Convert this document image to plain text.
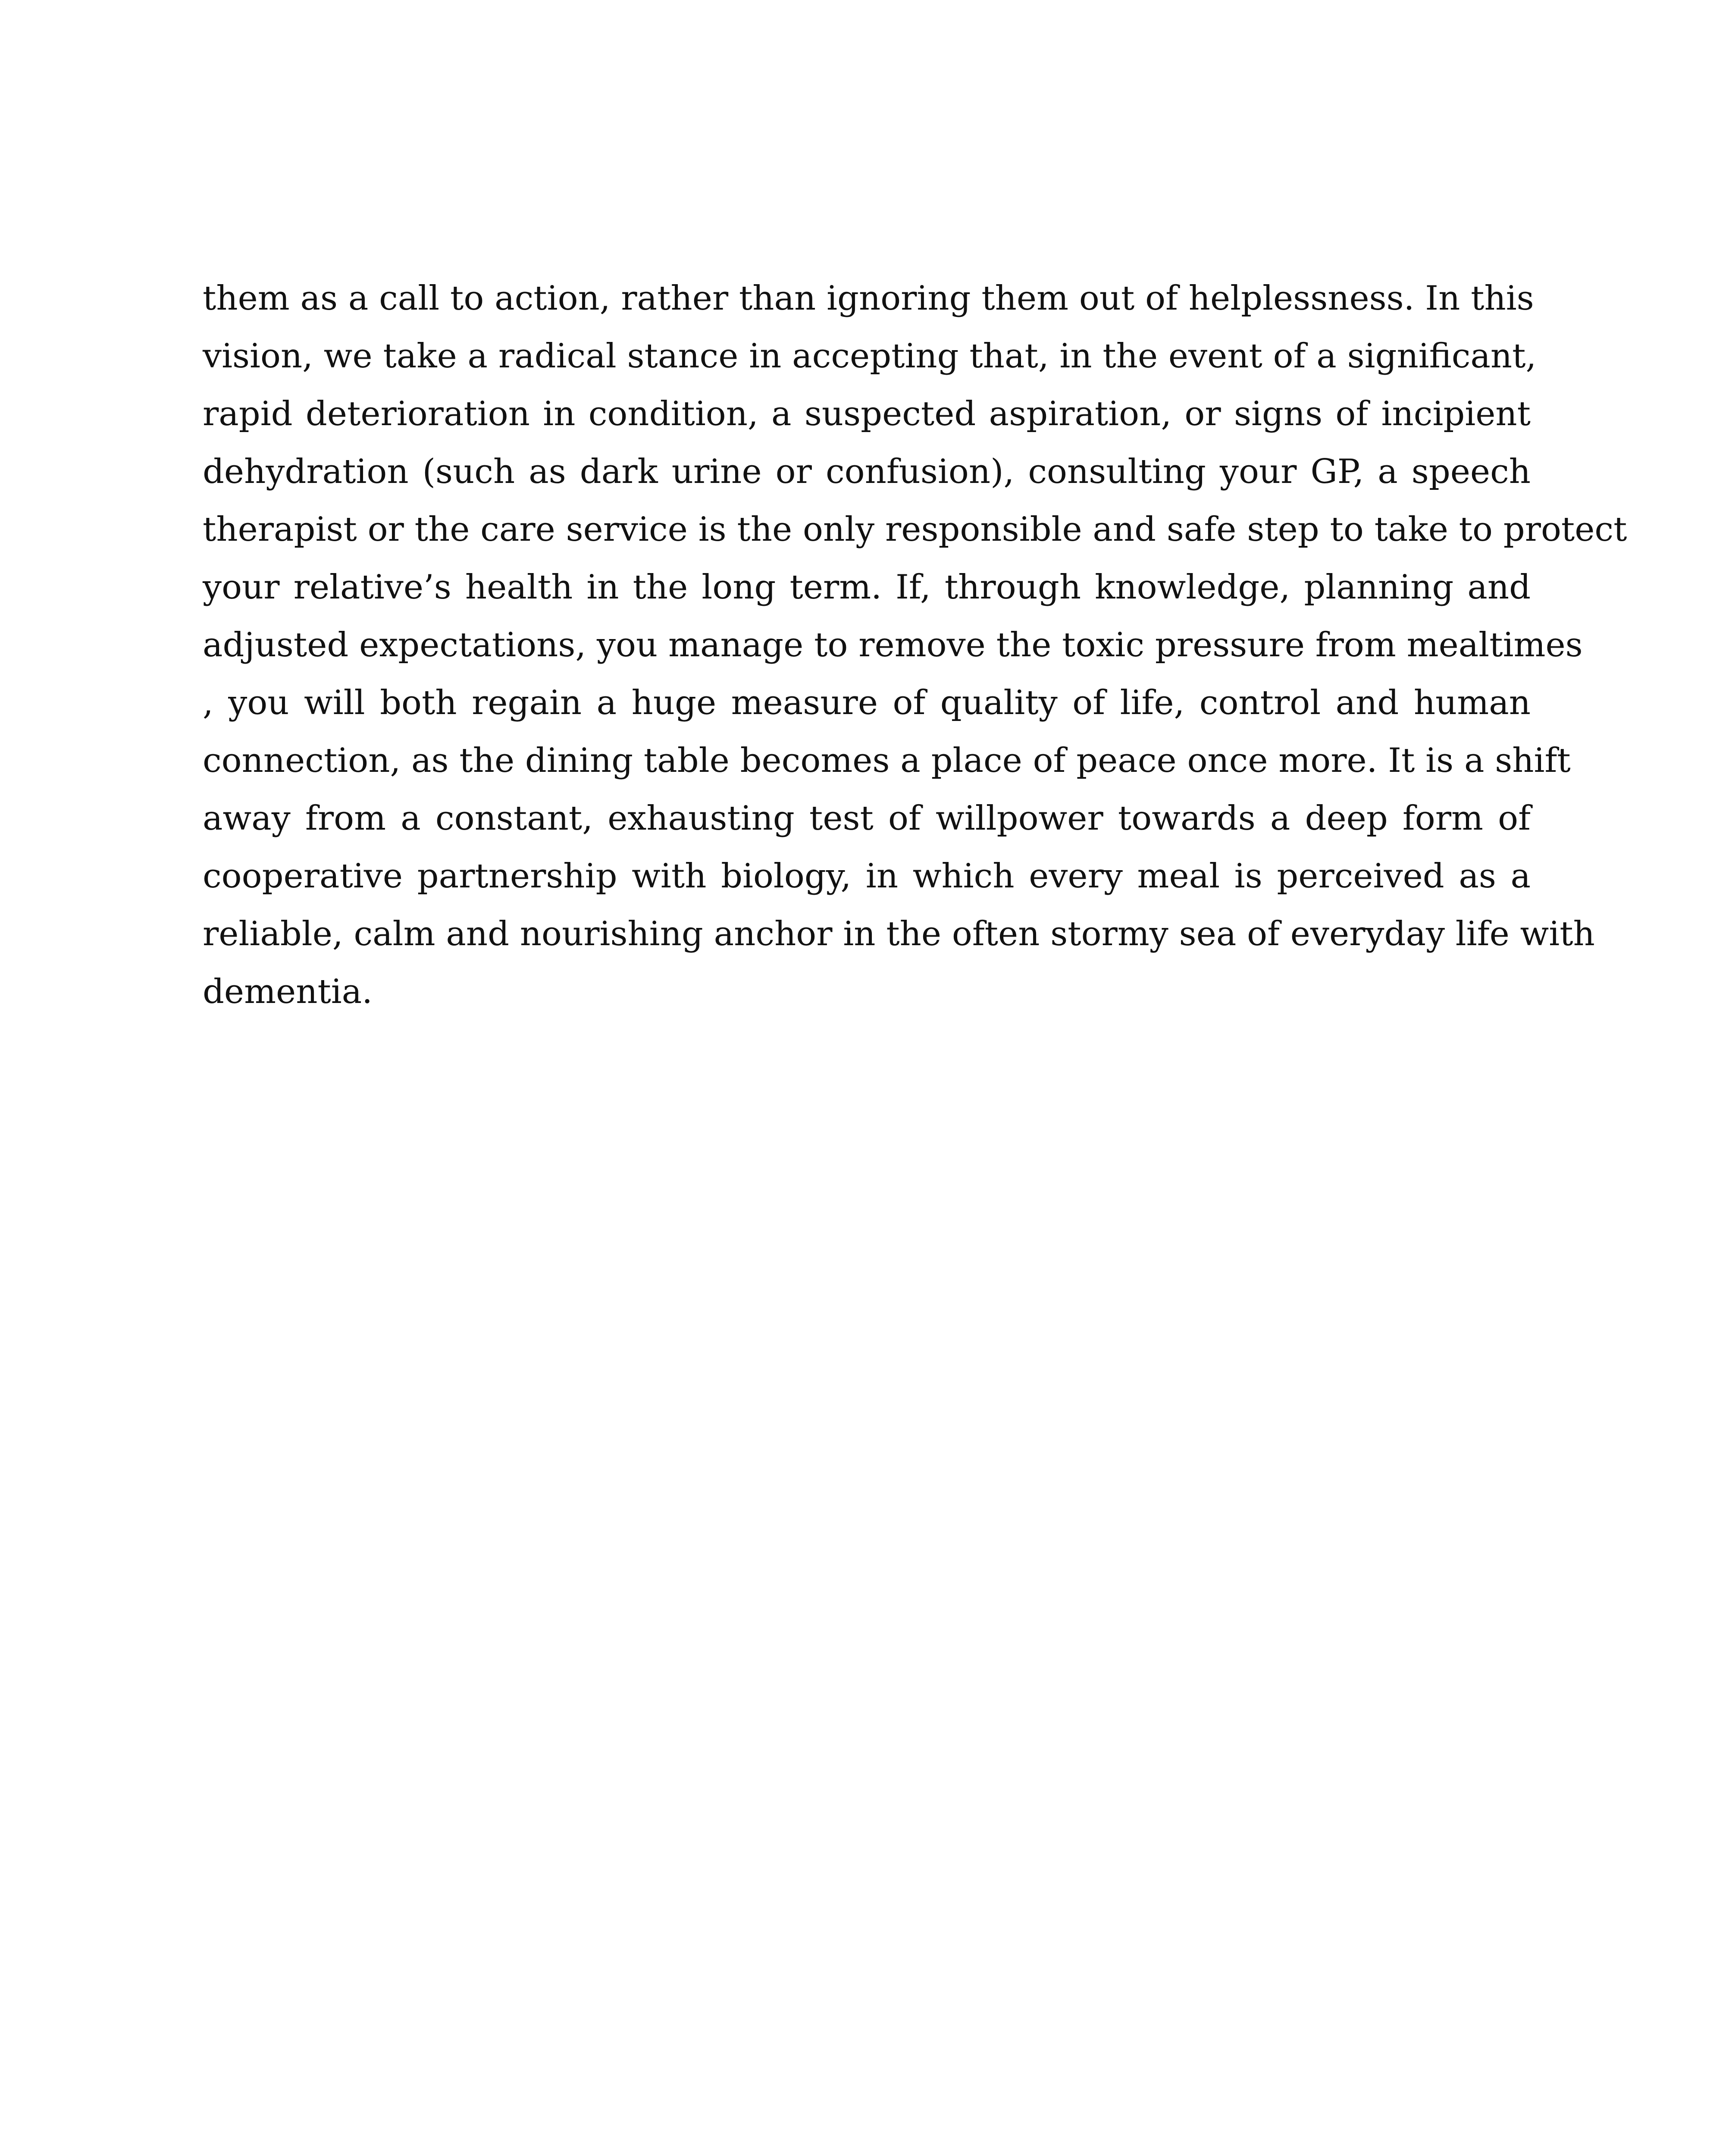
them as a call to action, rather than ignoring them out of helplessness. In this
vision, we take a radical stance in accepting that, in the event of a significant,
rapid deterioration in condition, a suspected aspiration, or signs of incipient
dehydration (such as dark urine or confusion), consulting your GP, a speech
therapist or the care service is the only responsible and safe step to take to protect
your relative’s health in the long term. If, through knowledge, planning and
adjusted expectations, you manage to remove the toxic pressure from mealtimes
, you will both regain a huge measure of quality of life, control and human
connection, as the dining table becomes a place of peace once more. It is a shift
away from a constant, exhausting test of willpower towards a deep form of
cooperative partnership with biology, in which every meal is perceived as a
reliable, calm and nourishing anchor in the often stormy sea of everyday life with
dementia.
